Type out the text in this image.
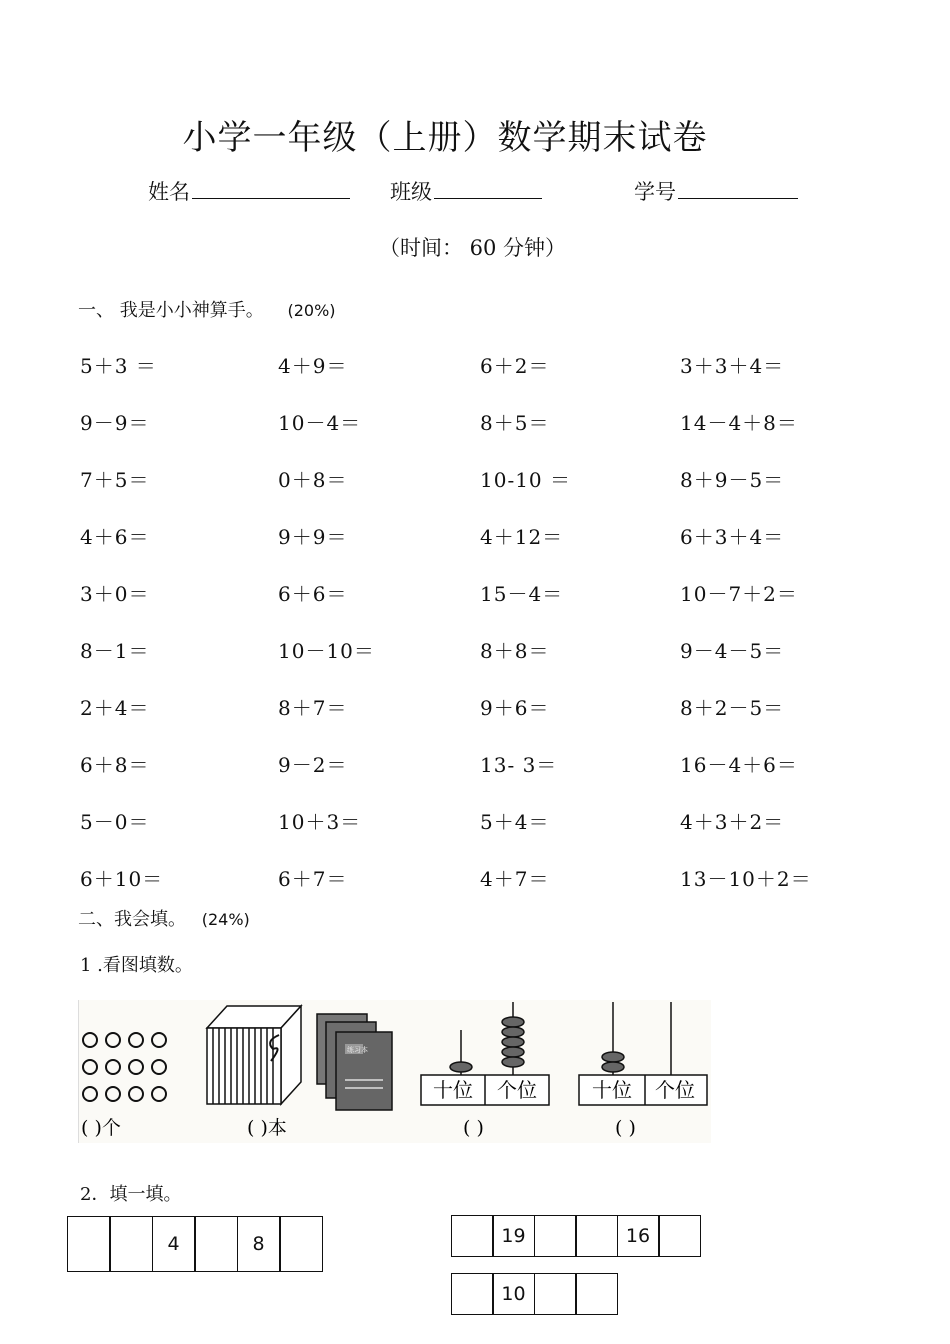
小学一年级（上册）数学期末试卷
姓名	班级	学号
（时间： 60 分钟）
一、 我是小小神算手。 (20%)
5＋3 ＝	4＋9＝	6＋2＝	3＋3＋4＝
9－9＝	10－4＝	8＋5＝	14－4＋8＝
7＋5＝	0＋8＝	10-10 ＝	8＋9－5＝
4＋6＝	9＋9＝	4＋12＝	6＋3＋4＝
3＋0＝	6＋6＝	15－4＝	10－7＋2＝
8－1＝	10－10＝	8＋8＝	9－4－5＝
2＋4＝	8＋7＝	9＋6＝	8＋2－5＝
6＋8＝	9－2＝	13- 3＝	16－4＋6＝
5－0＝	10＋3＝	5＋4＝	4＋3＋2＝
6＋10＝	6＋7＝	4＋7＝	13－10＋2＝
二、我会填。 (24%)
1 .看图填数。
练习本
十位 个位	十位 个位
( )个	( )本	( )	( )
2．填一填。
4	8	19	16
10
